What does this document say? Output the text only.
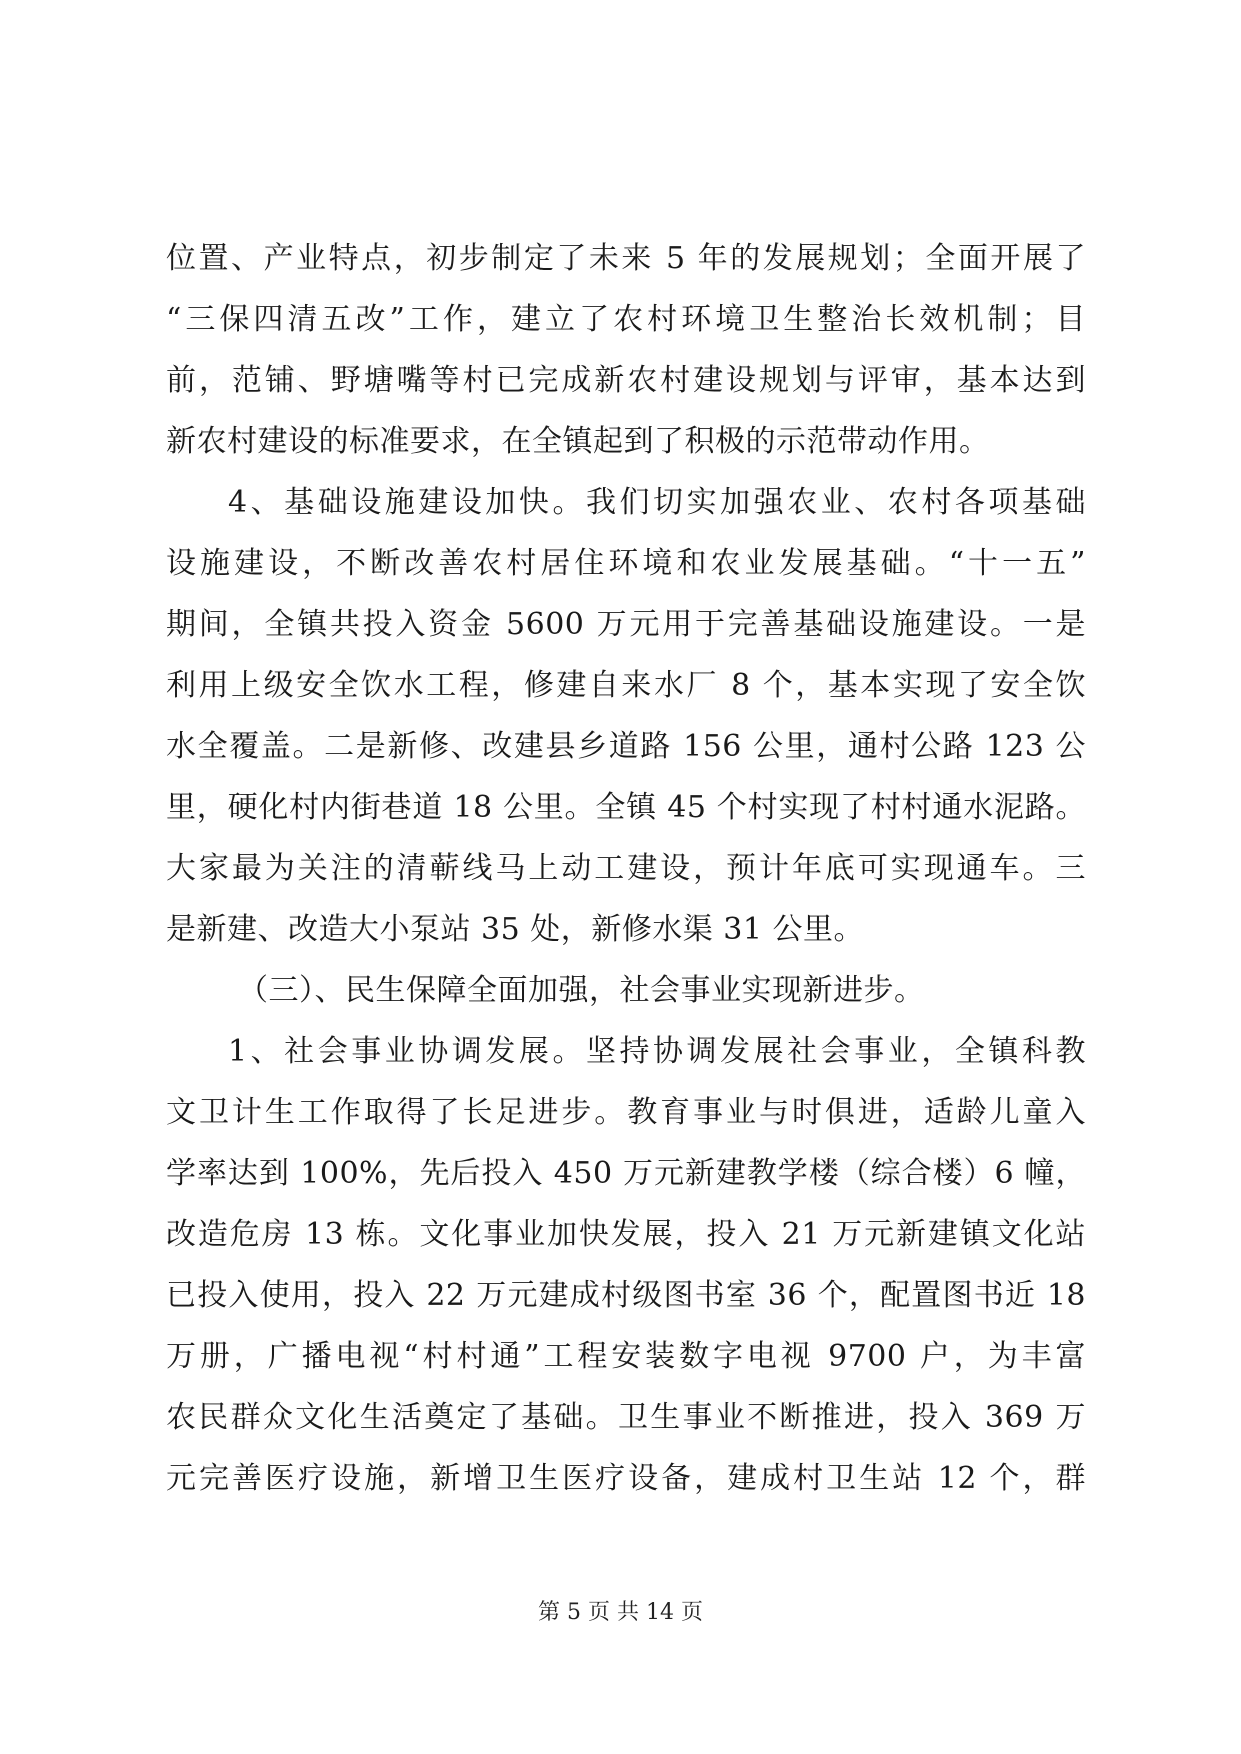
位置、产业特点，初步制定了未来 5 年的发展规划；全面开展了
“三保四清五改”工作，建立了农村环境卫生整治长效机制；目
前，范铺、野塘嘴等村已完成新农村建设规划与评审，基本达到
新农村建设的标准要求，在全镇起到了积极的示范带动作用。
4、基础设施建设加快。我们切实加强农业、农村各项基础
设施建设，不断改善农村居住环境和农业发展基础。“十一五”
期间，全镇共投入资金 5600 万元用于完善基础设施建设。一是
利用上级安全饮水工程，修建自来水厂 8 个，基本实现了安全饮
水全覆盖。二是新修、改建县乡道路 156 公里，通村公路 123 公
里，硬化村内街巷道 18 公里。全镇 45 个村实现了村村通水泥路。
大家最为关注的清蕲线马上动工建设，预计年底可实现通车。三
是新建、改造大小泵站 35 处，新修水渠 31 公里。
（三）、民生保障全面加强，社会事业实现新进步。
1、社会事业协调发展。坚持协调发展社会事业，全镇科教
文卫计生工作取得了长足进步。教育事业与时俱进，适龄儿童入
学率达到 100%，先后投入 450 万元新建教学楼（综合楼）6 幢，
改造危房 13 栋。文化事业加快发展，投入 21 万元新建镇文化站
已投入使用，投入 22 万元建成村级图书室 36 个，配置图书近 18
万册，广播电视“村村通”工程安装数字电视 9700 户，为丰富
农民群众文化生活奠定了基础。卫生事业不断推进，投入 369 万
元完善医疗设施，新增卫生医疗设备，建成村卫生站 12 个，群
第 5 页 共 14 页
